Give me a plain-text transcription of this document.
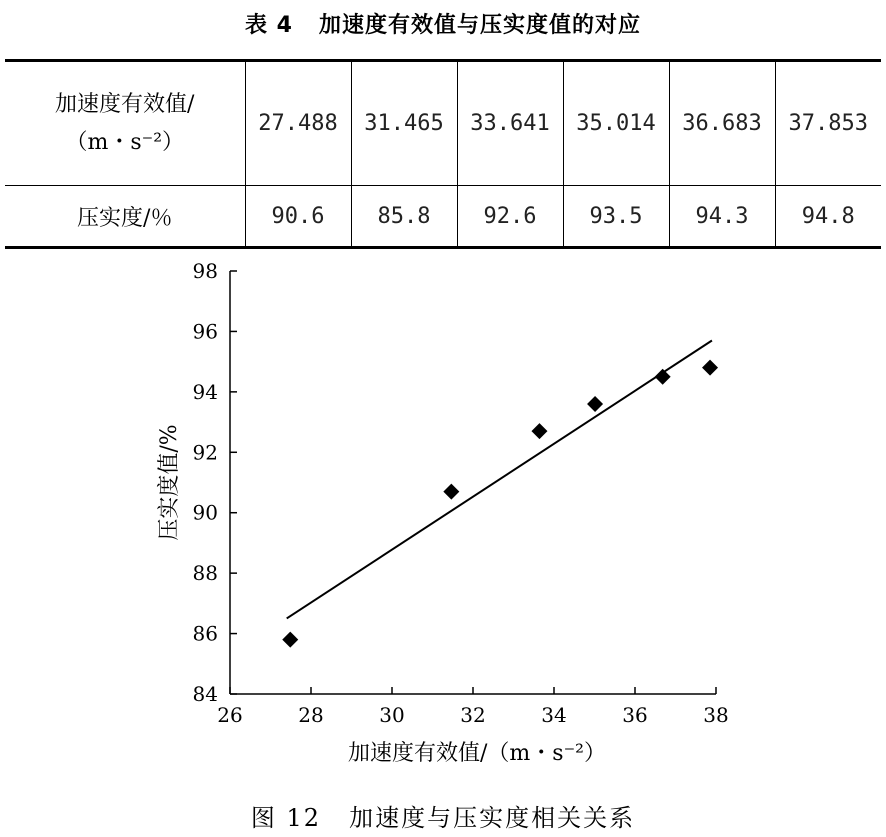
表 4 加速度有效值与压实度值的对应
加速度有效值/
（m・s⁻²）	27.488	31.465	33.641	35.014	36.683	37.853
压实度/％	90.6	85.8	92.6	93.5	94.3	94.8
84
86
88
90
92
94
96
98
26	28	30	32	34	36	38
加速度有效值/（m・s⁻²）
压实度值/%
图 12 加速度与压实度相关关系
